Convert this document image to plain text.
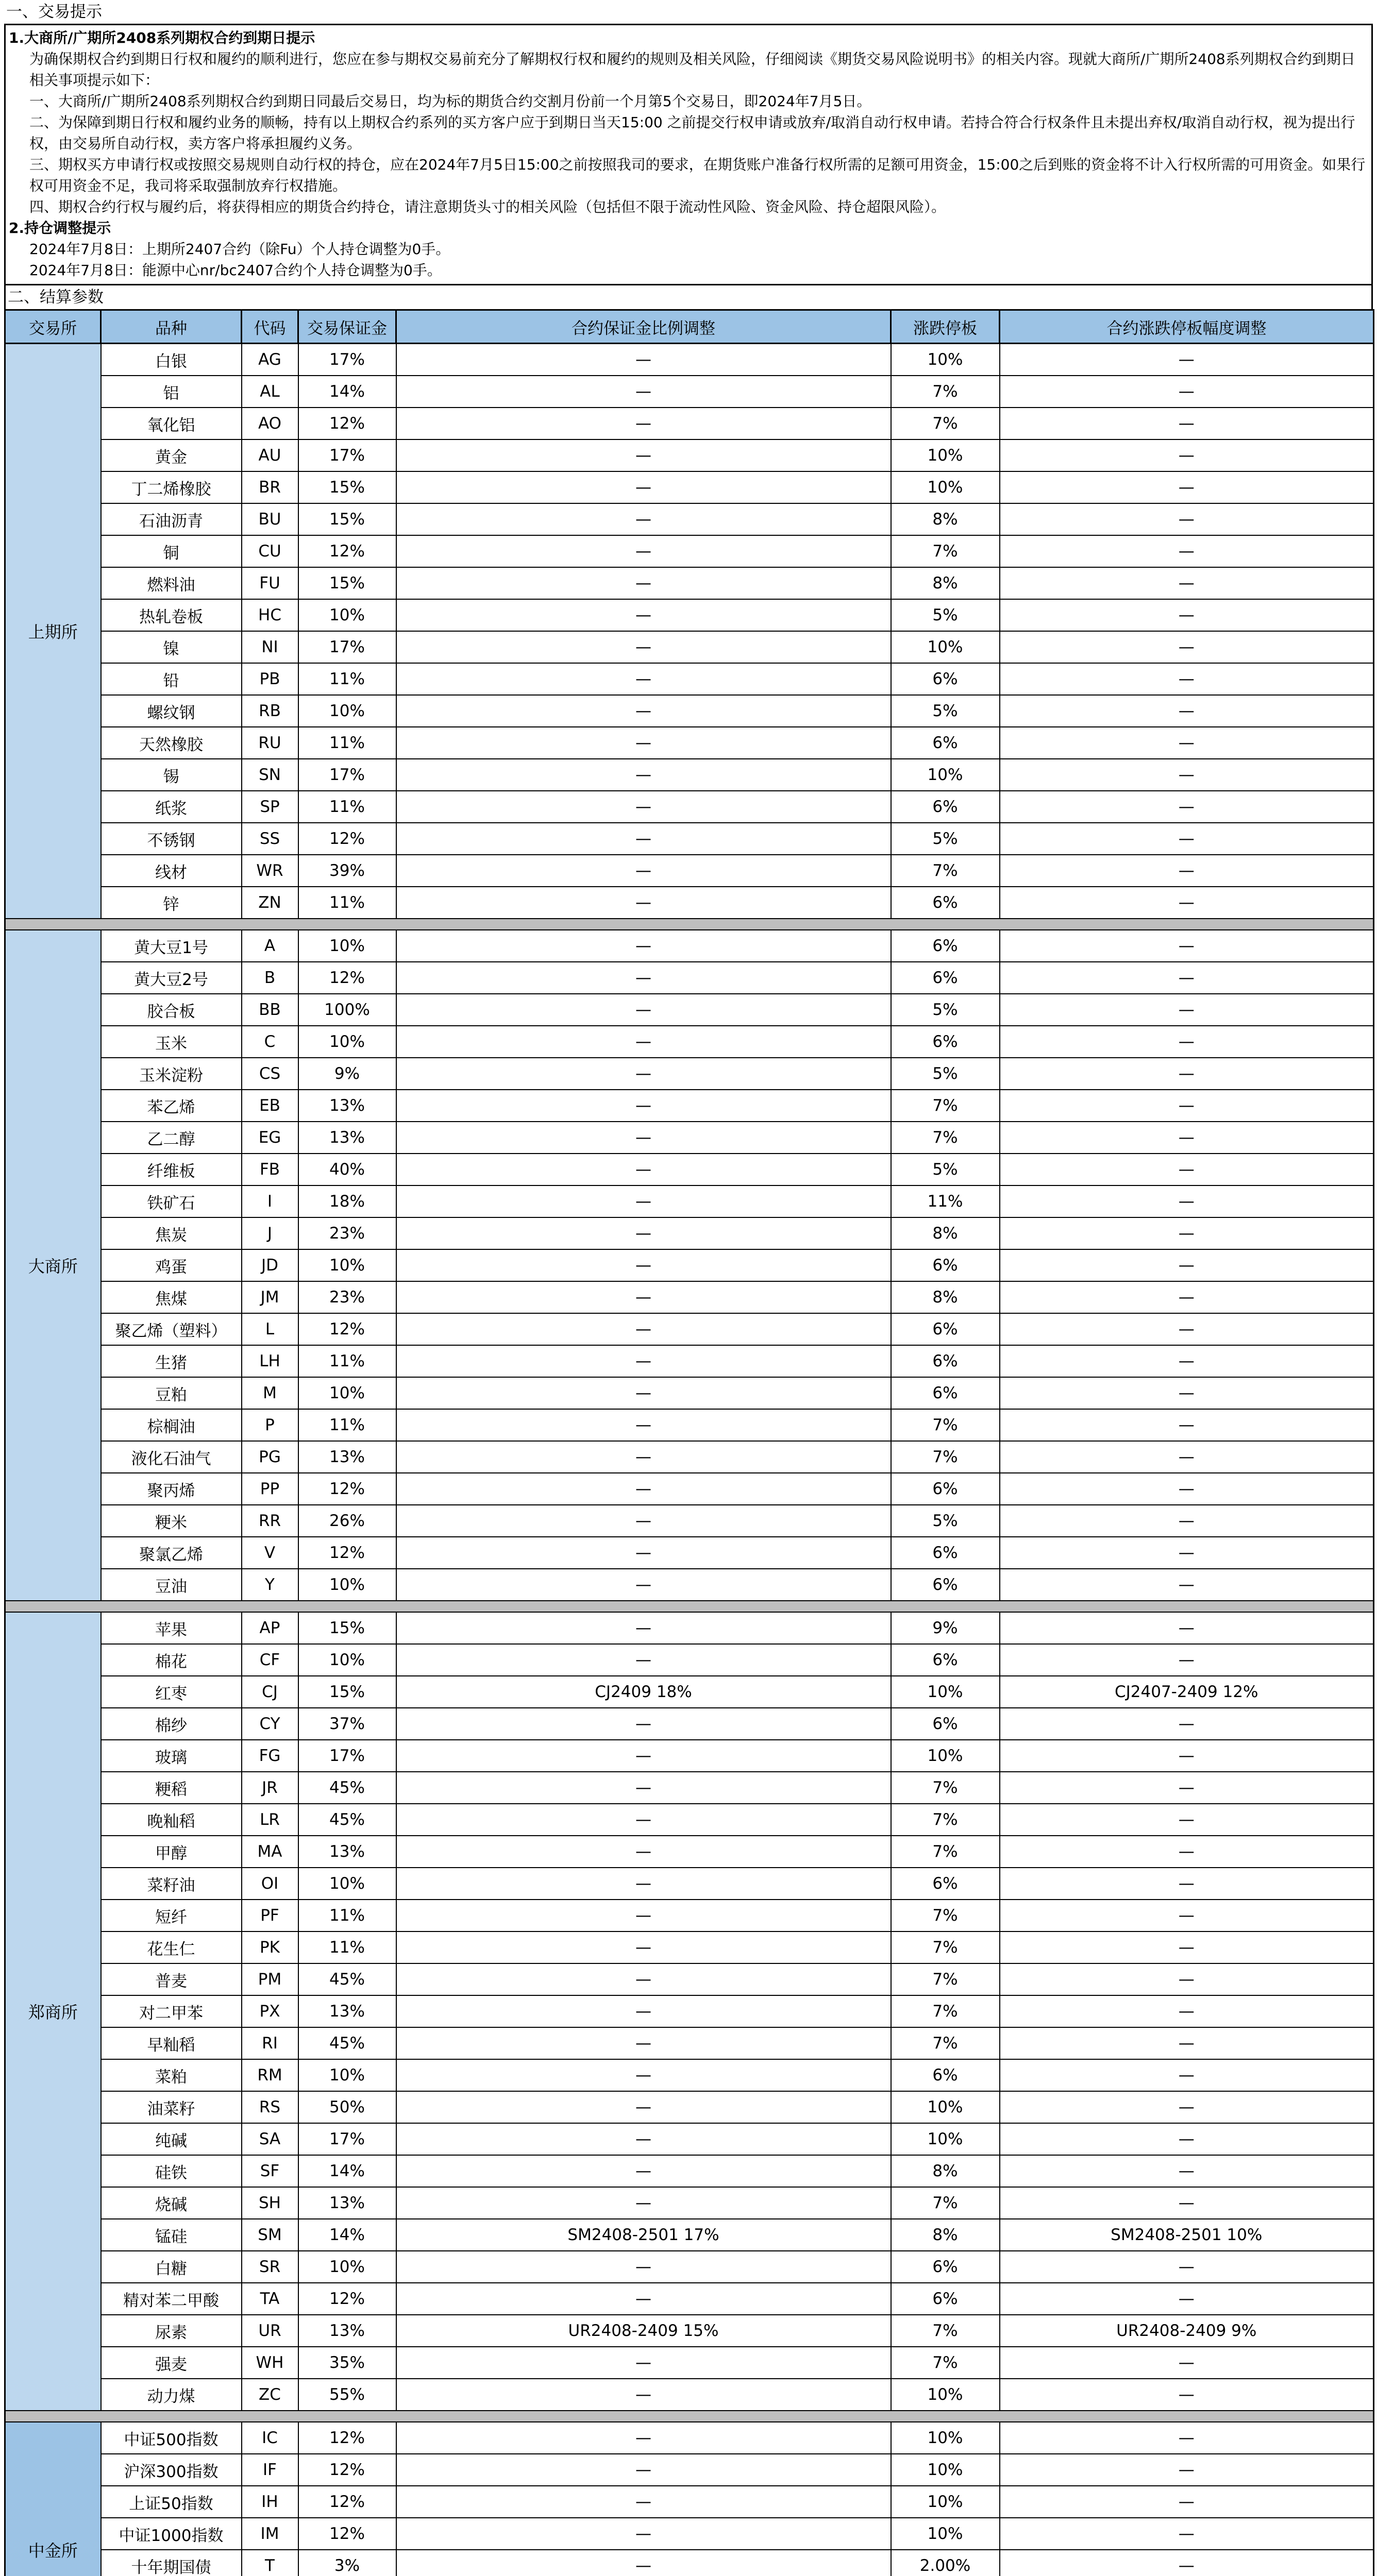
一、交易提示

1.大商所/广期所2408系列期权合约到期日提示

为确保期权合约到期日行权和履约的顺利进行，您应在参与期权交易前充分了解期权行权和履约的规则及相关风险，仔细阅读《期货交易风险说明书》的相关内容。现就大商所/广期所2408系列期权合约到期日相关事项提示如下：

一、大商所/广期所2408系列期权合约到期日同最后交易日，均为标的期货合约交割月份前一个月第5个交易日，即2024年7月5日。

二、为保障到期日行权和履约业务的顺畅，持有以上期权合约系列的买方客户应于到期日当天15:00 之前提交行权申请或放弃/取消自动行权申请。若持合符合行权条件且未提出弃权/取消自动行权，视为提出行权，由交易所自动行权，卖方客户将承担履约义务。

三、期权买方申请行权或按照交易规则自动行权的持仓，应在2024年7月5日15:00之前按照我司的要求，在期货账户准备行权所需的足额可用资金，15:00之后到账的资金将不计入行权所需的可用资金。如果行权可用资金不足，我司将采取强制放弃行权措施。

四、期权合约行权与履约后，将获得相应的期货合约持仓，请注意期货头寸的相关风险（包括但不限于流动性风险、资金风险、持仓超限风险）。

2.持仓调整提示

2024年7月8日：上期所2407合约（除Fu）个人持仓调整为0手。

2024年7月8日：能源中心nr/bc2407合约个人持仓调整为0手。

二、结算参数
交易所	品种	代码	交易保证金	合约保证金比例调整	涨跌停板	合约涨跌停板幅度调整
上期所	白银	AG	17%	—	10%	—
	铝	AL	14%	—	7%	—
	氧化铝	AO	12%	—	7%	—
	黄金	AU	17%	—	10%	—
	丁二烯橡胶	BR	15%	—	10%	—
	石油沥青	BU	15%	—	8%	—
	铜	CU	12%	—	7%	—
	燃料油	FU	15%	—	8%	—
	热轧卷板	HC	10%	—	5%	—
	镍	NI	17%	—	10%	—
	铅	PB	11%	—	6%	—
	螺纹钢	RB	10%	—	5%	—
	天然橡胶	RU	11%	—	6%	—
	锡	SN	17%	—	10%	—
	纸浆	SP	11%	—	6%	—
	不锈钢	SS	12%	—	5%	—
	线材	WR	39%	—	7%	—
	锌	ZN	11%	—	6%	—

大商所	黄大豆1号	A	10%	—	6%	—
	黄大豆2号	B	12%	—	6%	—
	胶合板	BB	100%	—	5%	—
	玉米	C	10%	—	6%	—
	玉米淀粉	CS	9%	—	5%	—
	苯乙烯	EB	13%	—	7%	—
	乙二醇	EG	13%	—	7%	—
	纤维板	FB	40%	—	5%	—
	铁矿石	I	18%	—	11%	—
	焦炭	J	23%	—	8%	—
	鸡蛋	JD	10%	—	6%	—
	焦煤	JM	23%	—	8%	—
	聚乙烯（塑料）	L	12%	—	6%	—
	生猪	LH	11%	—	6%	—
	豆粕	M	10%	—	6%	—
	棕榈油	P	11%	—	7%	—
	液化石油气	PG	13%	—	7%	—
	聚丙烯	PP	12%	—	6%	—
	粳米	RR	26%	—	5%	—
	聚氯乙烯	V	12%	—	6%	—
	豆油	Y	10%	—	6%	—

郑商所	苹果	AP	15%	—	9%	—
	棉花	CF	10%	—	6%	—
	红枣	CJ	15%	CJ2409 18%	10%	CJ2407-2409 12%
	棉纱	CY	37%	—	6%	—
	玻璃	FG	17%	—	10%	—
	粳稻	JR	45%	—	7%	—
	晚籼稻	LR	45%	—	7%	—
	甲醇	MA	13%	—	7%	—
	菜籽油	OI	10%	—	6%	—
	短纤	PF	11%	—	7%	—
	花生仁	PK	11%	—	7%	—
	普麦	PM	45%	—	7%	—
	对二甲苯	PX	13%	—	7%	—
	早籼稻	RI	45%	—	7%	—
	菜粕	RM	10%	—	6%	—
	油菜籽	RS	50%	—	10%	—
	纯碱	SA	17%	—	10%	—
	硅铁	SF	14%	—	8%	—
	烧碱	SH	13%	—	7%	—
	锰硅	SM	14%	SM2408-2501 17%	8%	SM2408-2501 10%
	白糖	SR	10%	—	6%	—
	精对苯二甲酸	TA	12%	—	6%	—
	尿素	UR	13%	UR2408-2409 15%	7%	UR2408-2409 9%
	强麦	WH	35%	—	7%	—
	动力煤	ZC	55%	—	10%	—

中金所	中证500指数	IC	12%	—	10%	—
	沪深300指数	IF	12%	—	10%	—
	上证50指数	IH	12%	—	10%	—
	中证1000指数	IM	12%	—	10%	—
	十年期国债	T	3%	—	2.00%	—
